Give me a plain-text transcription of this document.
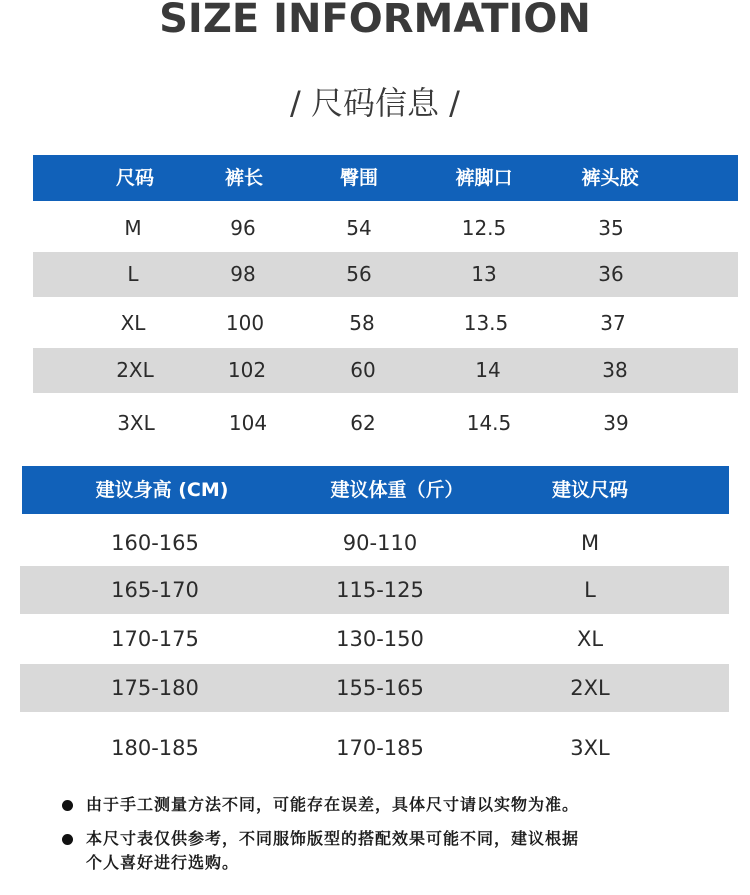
SIZE INFORMATION
/ 尺码信息 /
尺码	裤长	臀围	裤脚口	裤头胶
M	96	54	12.5	35
L	98	56	13	36
XL	100	58	13.5	37
2XL	102	60	14	38
3XL	104	62	14.5	39
建议身高 (CM)	建议体重（斤）	建议尺码
160-165	90-110	M
165-170	115-125	L
170-175	130-150	XL
175-180	155-165	2XL
180-185	170-185	3XL
由于手工测量方法不同，可能存在误差，具体尺寸请以实物为准。
本尺寸表仅供参考，不同服饰版型的搭配效果可能不同，建议根据
个人喜好进行选购。
